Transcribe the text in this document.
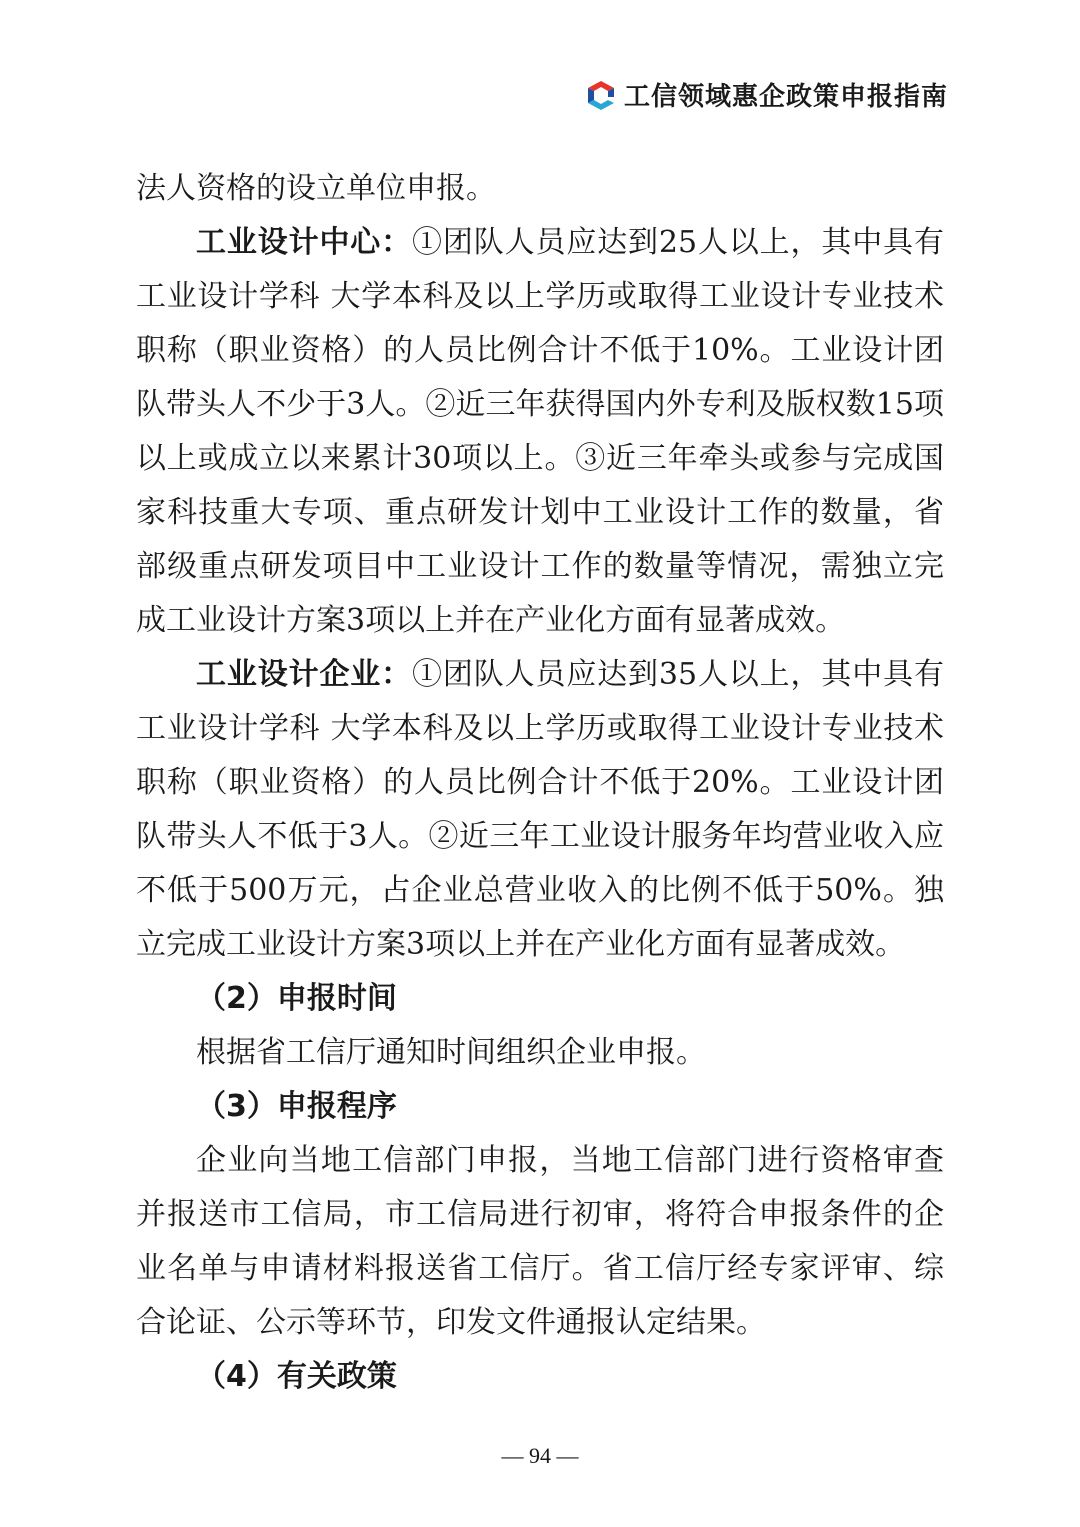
工信领域惠企政策申报指南

法人资格的设立单位申报。

工业设计中心：①团队人员应达到25人以上，其中具有工业设计学科 大学本科及以上学历或取得工业设计专业技术职称（职业资格）的人员比例合计不低于10%。工业设计团队带头人不少于3人。②近三年获得国内外专利及版权数15项以上或成立以来累计30项以上。③近三年牵头或参与完成国家科技重大专项、重点研发计划中工业设计工作的数量，省部级重点研发项目中工业设计工作的数量等情况，需独立完成工业设计方案3项以上并在产业化方面有显著成效。

工业设计企业：①团队人员应达到35人以上，其中具有工业设计学科 大学本科及以上学历或取得工业设计专业技术职称（职业资格）的人员比例合计不低于20%。工业设计团队带头人不低于3人。②近三年工业设计服务年均营业收入应不低于500万元，占企业总营业收入的比例不低于50%。独立完成工业设计方案3项以上并在产业化方面有显著成效。

（2）申报时间

根据省工信厅通知时间组织企业申报。

（3）申报程序

企业向当地工信部门申报，当地工信部门进行资格审查并报送市工信局，市工信局进行初审，将符合申报条件的企业名单与申请材料报送省工信厅。省工信厅经专家评审、综合论证、公示等环节，印发文件通报认定结果。

（4）有关政策

— 94 —
